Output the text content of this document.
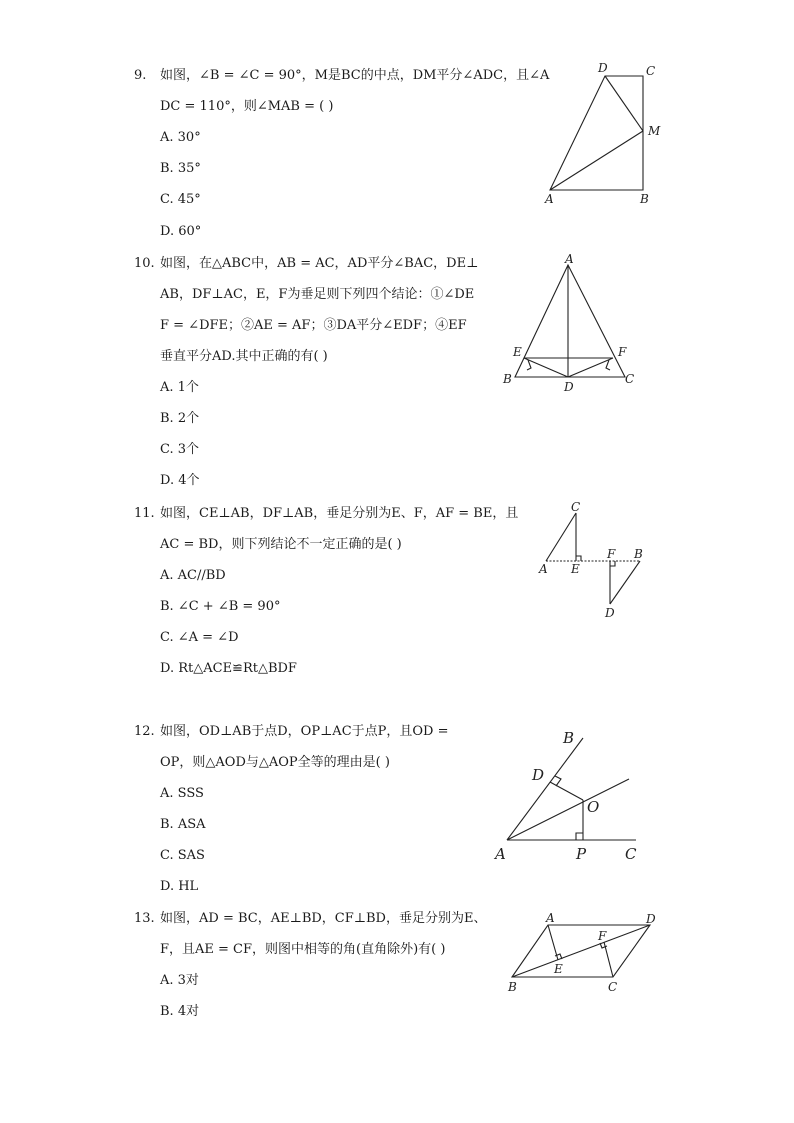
9. 如图，∠B = ∠C = 90°，M是BC的中点，DM平分∠ADC，且∠A
DC = 110°，则∠MAB = ( )
A. 30°
B. 35°
C. 45°
D. 60°
D	C
M
A	B
10. 如图，在△ABC中，AB = AC，AD平分∠BAC，DE⊥
AB，DF⊥AC，E，F为垂足则下列四个结论：①∠DE
F = ∠DFE；②AE = AF；③DA平分∠EDF；④EF
垂直平分AD.其中正确的有( )
A. 1个
B. 2个
C. 3个
D. 4个
A
E	F
B
D
C
11. 如图，CE⊥AB，DF⊥AB，垂足分别为E、F，AF = BE，且
AC = BD，则下列结论不一定正确的是( )
A. AC//BD
B. ∠C + ∠B = 90°
C. ∠A = ∠D
D. Rt△ACE≌Rt△BDF
C
F B
A E
D
12. 如图，OD⊥AB于点D，OP⊥AC于点P，且OD =
OP，则△AOD与△AOP全等的理由是( )
A. SSS
B. ASA
C. SAS
D. HL
B
D
O
A	P	C
13. 如图，AD = BC，AE⊥BD，CF⊥BD，垂足分别为E、
F，且AE = CF，则图中相等的角(直角除外)有( )
A. 3对
B. 4对
A	D
F
E
B	C
